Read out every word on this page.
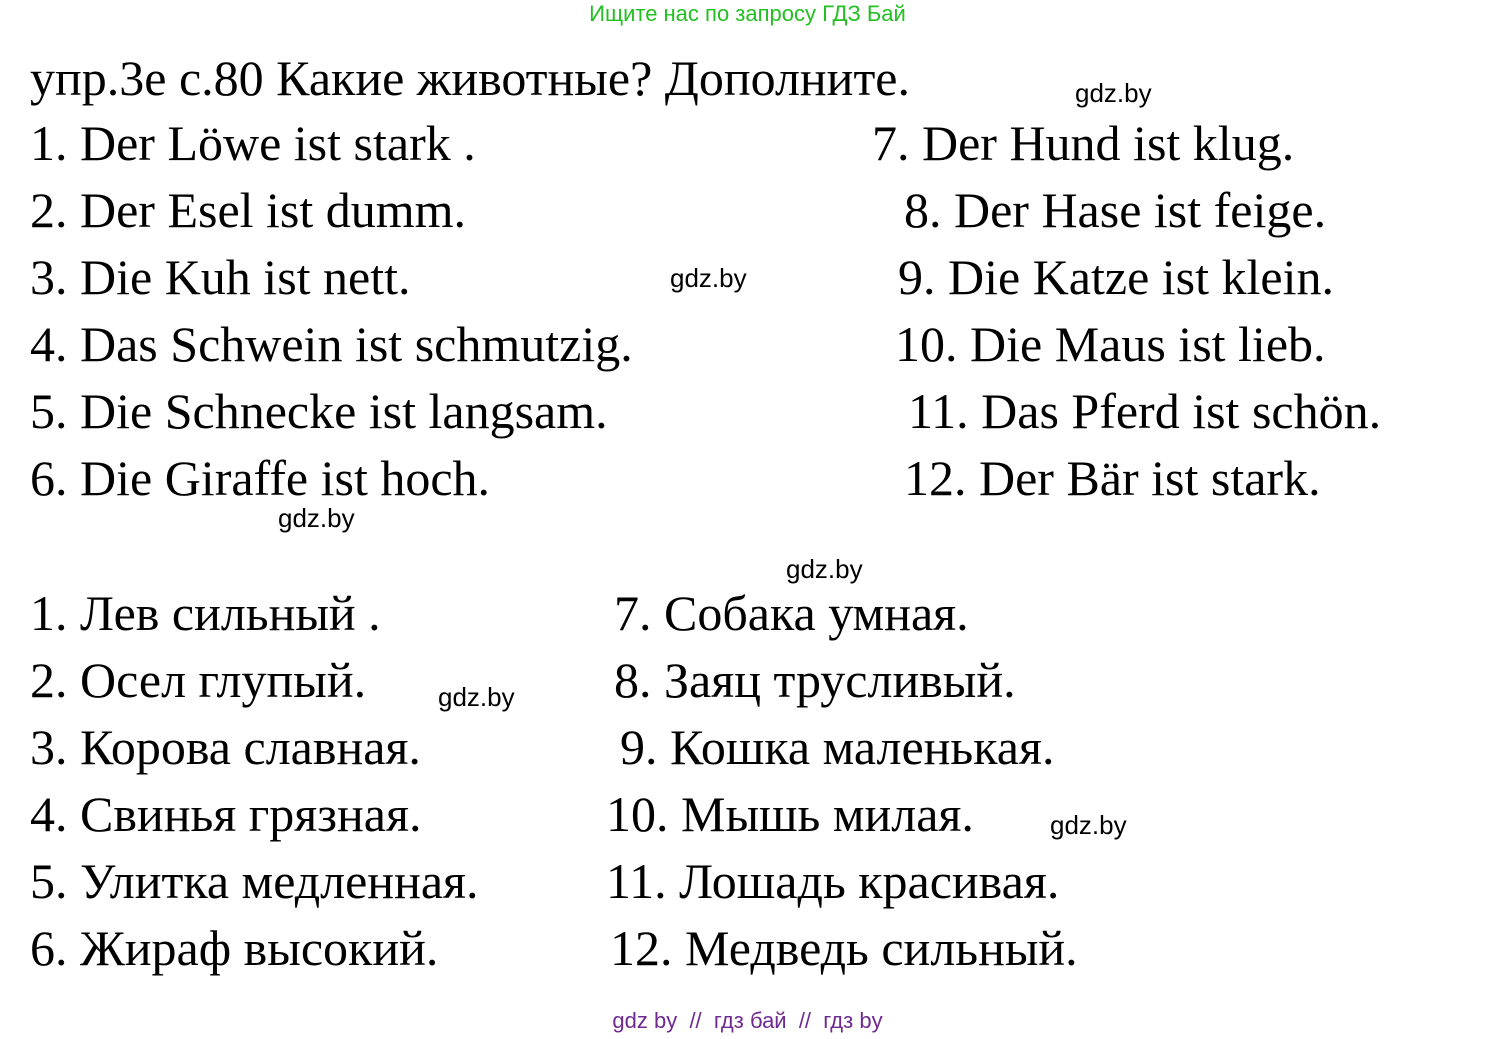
Ищите нас по запросу ГДЗ Бай
упр.3е с.80 Какие животные? Дополните.	gdz.by
1. Der Löwe ist stark .
2. Der Esel ist dumm.
3. Die Kuh ist nett.
4. Das Schwein ist schmutzig.
5. Die Schnecke ist langsam.
6. Die Giraffe ist hoch.
7. Der Hund ist klug.
8. Der Hase ist feige.
9. Die Katze ist klein.
10. Die Maus ist lieb.
11. Das Pferd ist schön.
12. Der Bär ist stark.
gdz.by
gdz.by
gdz.by
1. Лев сильный .
2. Осел глупый.
3. Корова славная.
4. Свинья грязная.
5. Улитка медленная.
6. Жираф высокий.
7. Собака умная.
8. Заяц трусливый.
9. Кошка маленькая.
10. Мышь милая.
11. Лошадь красивая.
12. Медведь сильный.
gdz.by
gdz.by
gdz by  //  гдз бай  //  гдз by
